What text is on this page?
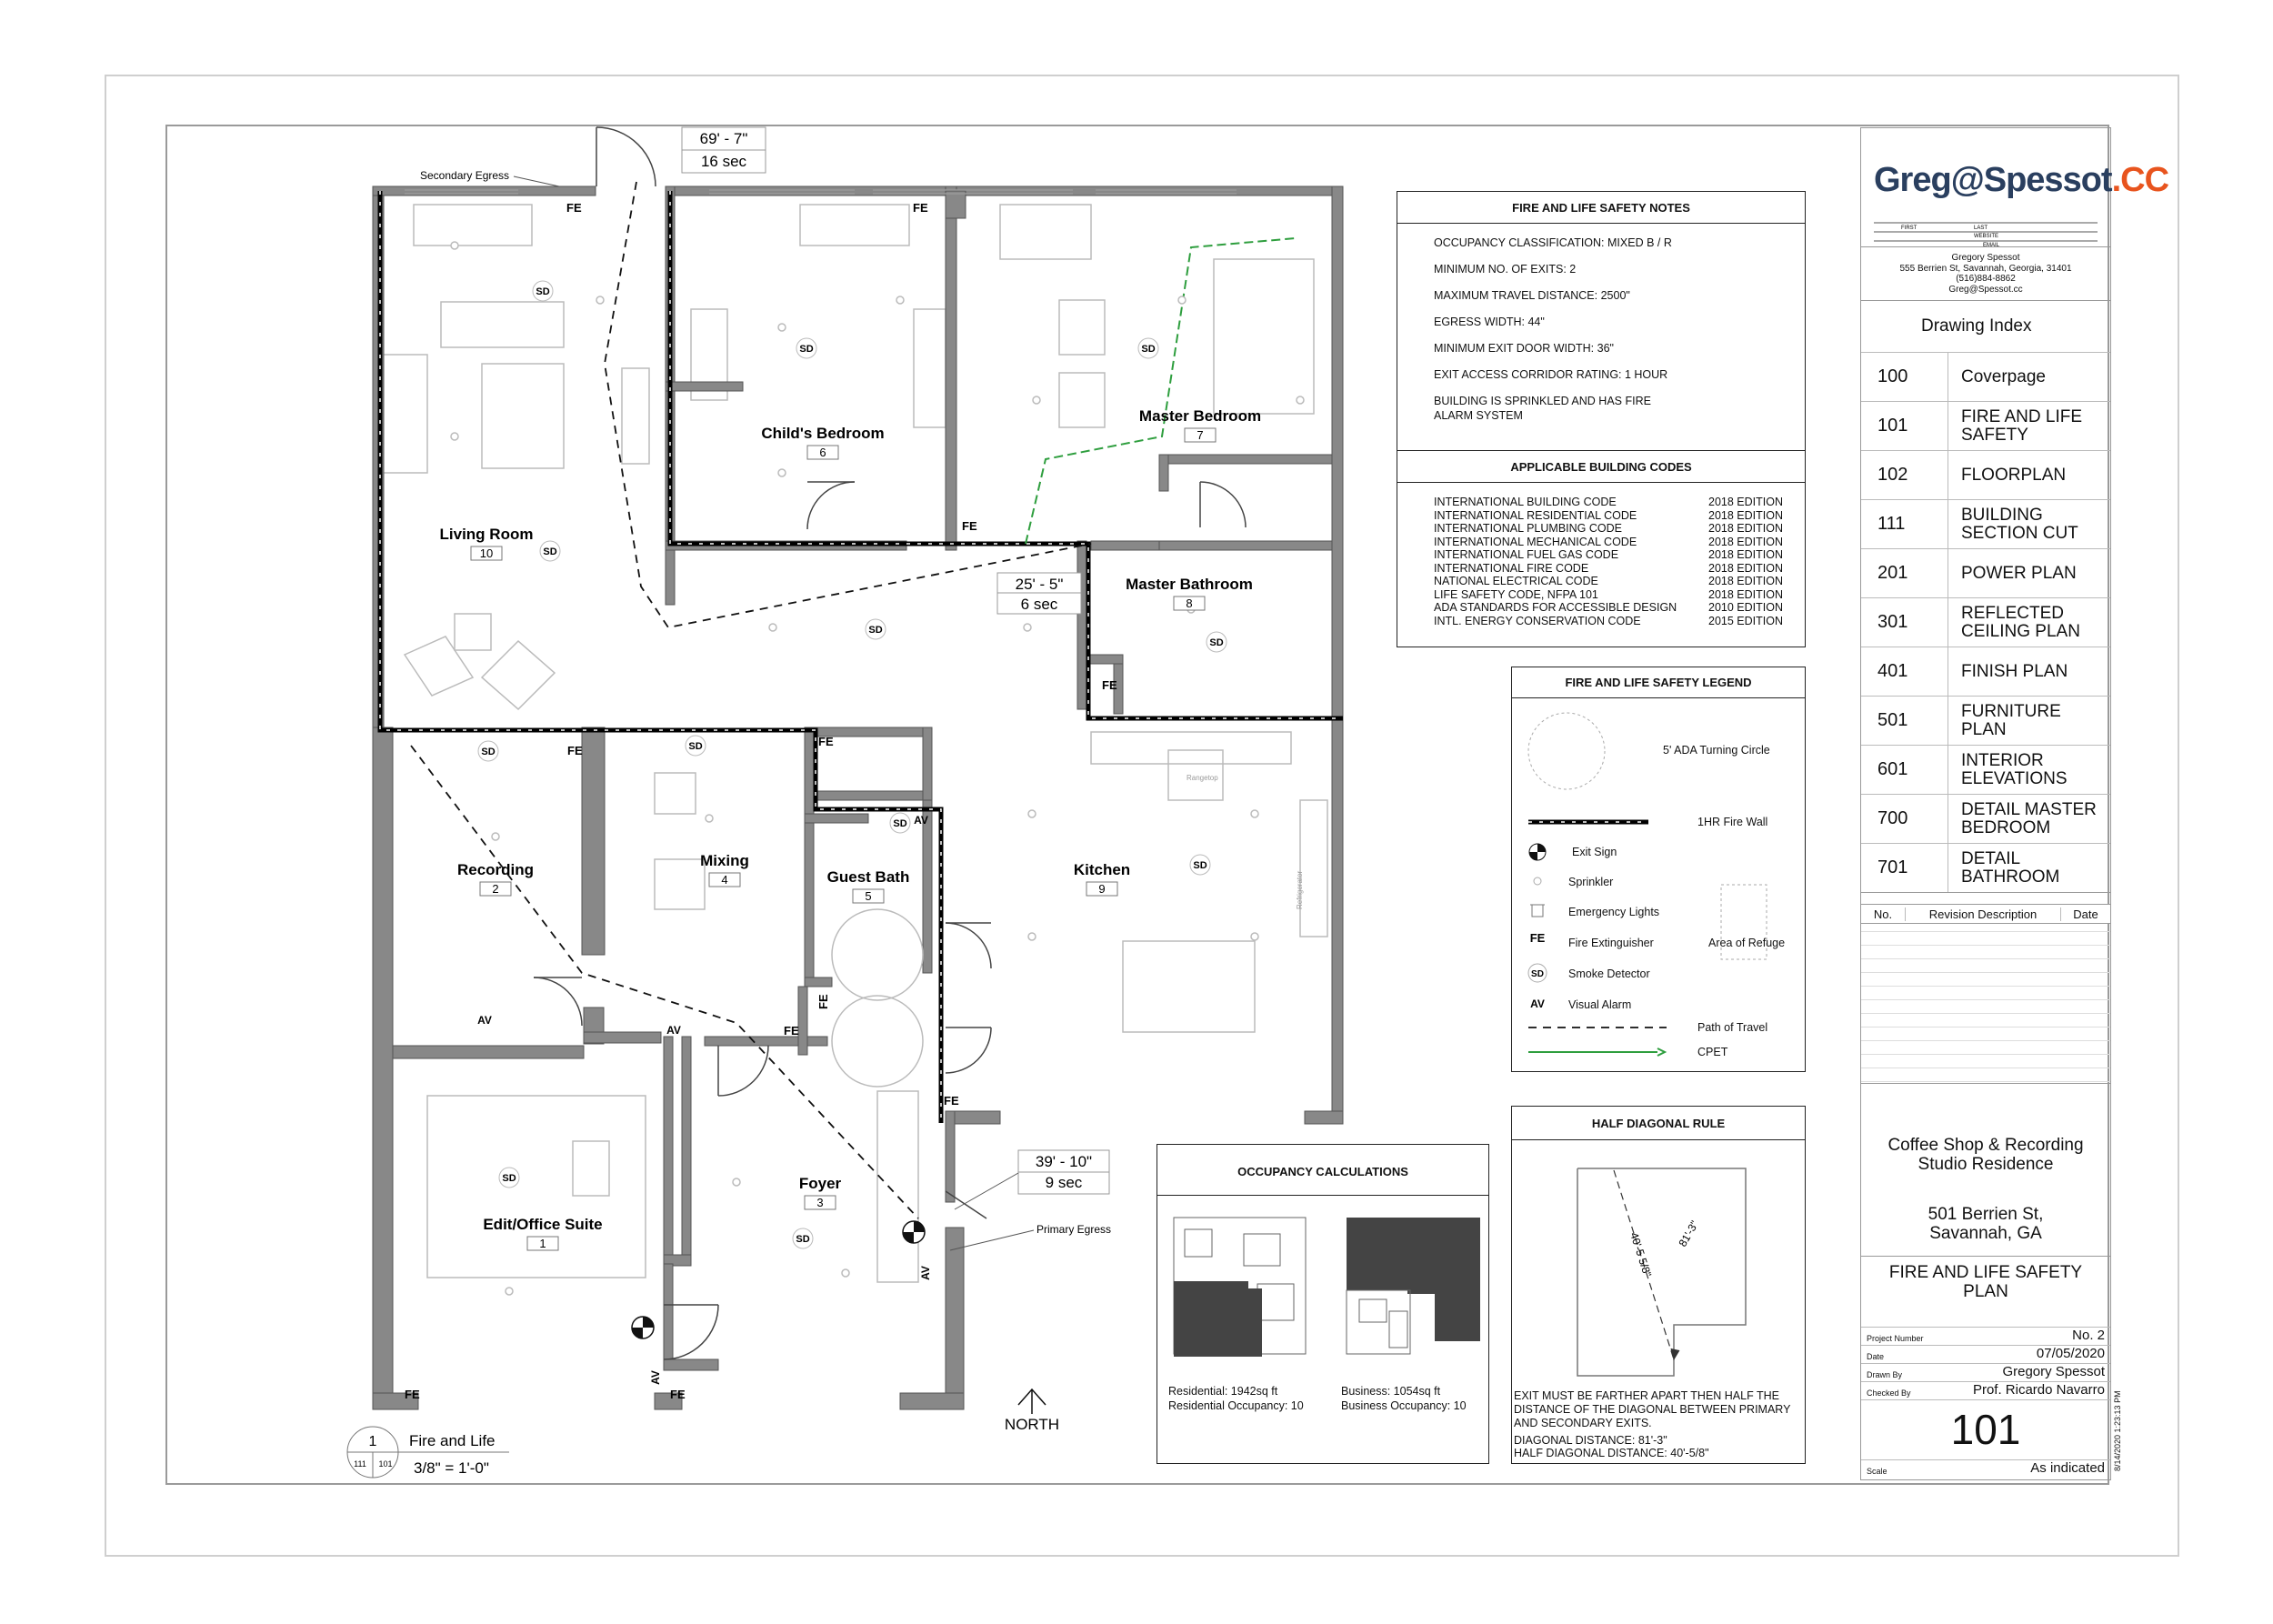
Living Room
Child's Bedroom
Master Bedroom
Master Bathroom
Recording
Mixing
Guest Bath	Kitchen
Edit/Office Suite
Foyer
10
6
7
8
2
4
5
9
1
3
FE	FE
FE
FE
FE
FE
FE
FE
FE	FE
FE
SD
SD	SD
SD
SD
SD
SD	SD
SD
SD
SD
SD
AV
AV
AV
AV
AV
69' - 7"
16 sec
25' - 5"
6 sec
39' - 10"
9 sec
Secondary Egress
Primary Egress
NORTH
Rangetop
Refrigerator
1
111 101
Fire and Life
3/8" = 1'-0"
FIRE AND LIFE SAFETY NOTES
OCCUPANCY CLASSIFICATION: MIXED B / R
MINIMUM NO. OF EXITS: 2
MAXIMUM TRAVEL DISTANCE: 2500"
EGRESS WIDTH: 44"
MINIMUM EXIT DOOR WIDTH: 36"
EXIT ACCESS CORRIDOR RATING: 1 HOUR
BUILDING IS SPRINKLED AND HAS FIRE ALARM SYSTEM
APPLICABLE BUILDING CODES
INTERNATIONAL BUILDING CODE	2018 EDITION
INTERNATIONAL RESIDENTIAL CODE	2018 EDITION
INTERNATIONAL PLUMBING CODE	2018 EDITION
INTERNATIONAL MECHANICAL CODE	2018 EDITION
INTERNATIONAL FUEL GAS CODE	2018 EDITION
INTERNATIONAL FIRE CODE	2018 EDITION
NATIONAL ELECTRICAL CODE	2018 EDITION
LIFE SAFETY CODE, NFPA 101	2018 EDITION
ADA STANDARDS FOR ACCESSIBLE DESIGN	2010 EDITION
INTL. ENERGY CONSERVATION CODE	2015 EDITION
FIRE AND LIFE SAFETY LEGEND
FE
SD
AV
5' ADA Turning Circle
1HR Fire Wall
Exit Sign
Sprinkler
Emergency Lights
Fire Extinguisher	Area of Refuge
Smoke Detector
Visual Alarm
Path of Travel
CPET
OCCUPANCY CALCULATIONS
Residential: 1942sq ft
Residential Occupancy: 10
Business: 1054sq ft
Business Occupancy: 10
HALF DIAGONAL RULE
40'-5 5/8" 81'-3"
EXIT MUST BE FARTHER APART THEN HALF THE DISTANCE OF THE DIAGONAL BETWEEN PRIMARY AND SECONDARY EXITS.
DIAGONAL DISTANCE: 81'-3"
HALF DIAGONAL DISTANCE: 40'-5/8"
Greg@Spessot.CC
FIRST	LAST
WEBSITE
EMAIL
Gregory Spessot
555 Berrien St, Savannah, Georgia, 31401
(516)884-8862
Greg@Spessot.cc
Drawing Index
100	Coverpage
101	FIRE AND LIFE SAFETY
102	FLOORPLAN
111	BUILDING SECTION CUT
201	POWER PLAN
301	REFLECTED CEILING PLAN
401	FINISH PLAN
501	FURNITURE PLAN
601	INTERIOR ELEVATIONS
700	DETAIL MASTER BEDROOM
701	DETAIL BATHROOM
No.	Revision Description	Date
Coffee Shop & Recording Studio Residence
501 Berrien St, Savannah, GA
FIRE AND LIFE SAFETY PLAN
Project Number	No. 2
Date	07/05/2020
Drawn By	Gregory Spessot
Checked By	Prof. Ricardo Navarro
101
Scale	As indicated 8/14/2020 1:23:13 PM
